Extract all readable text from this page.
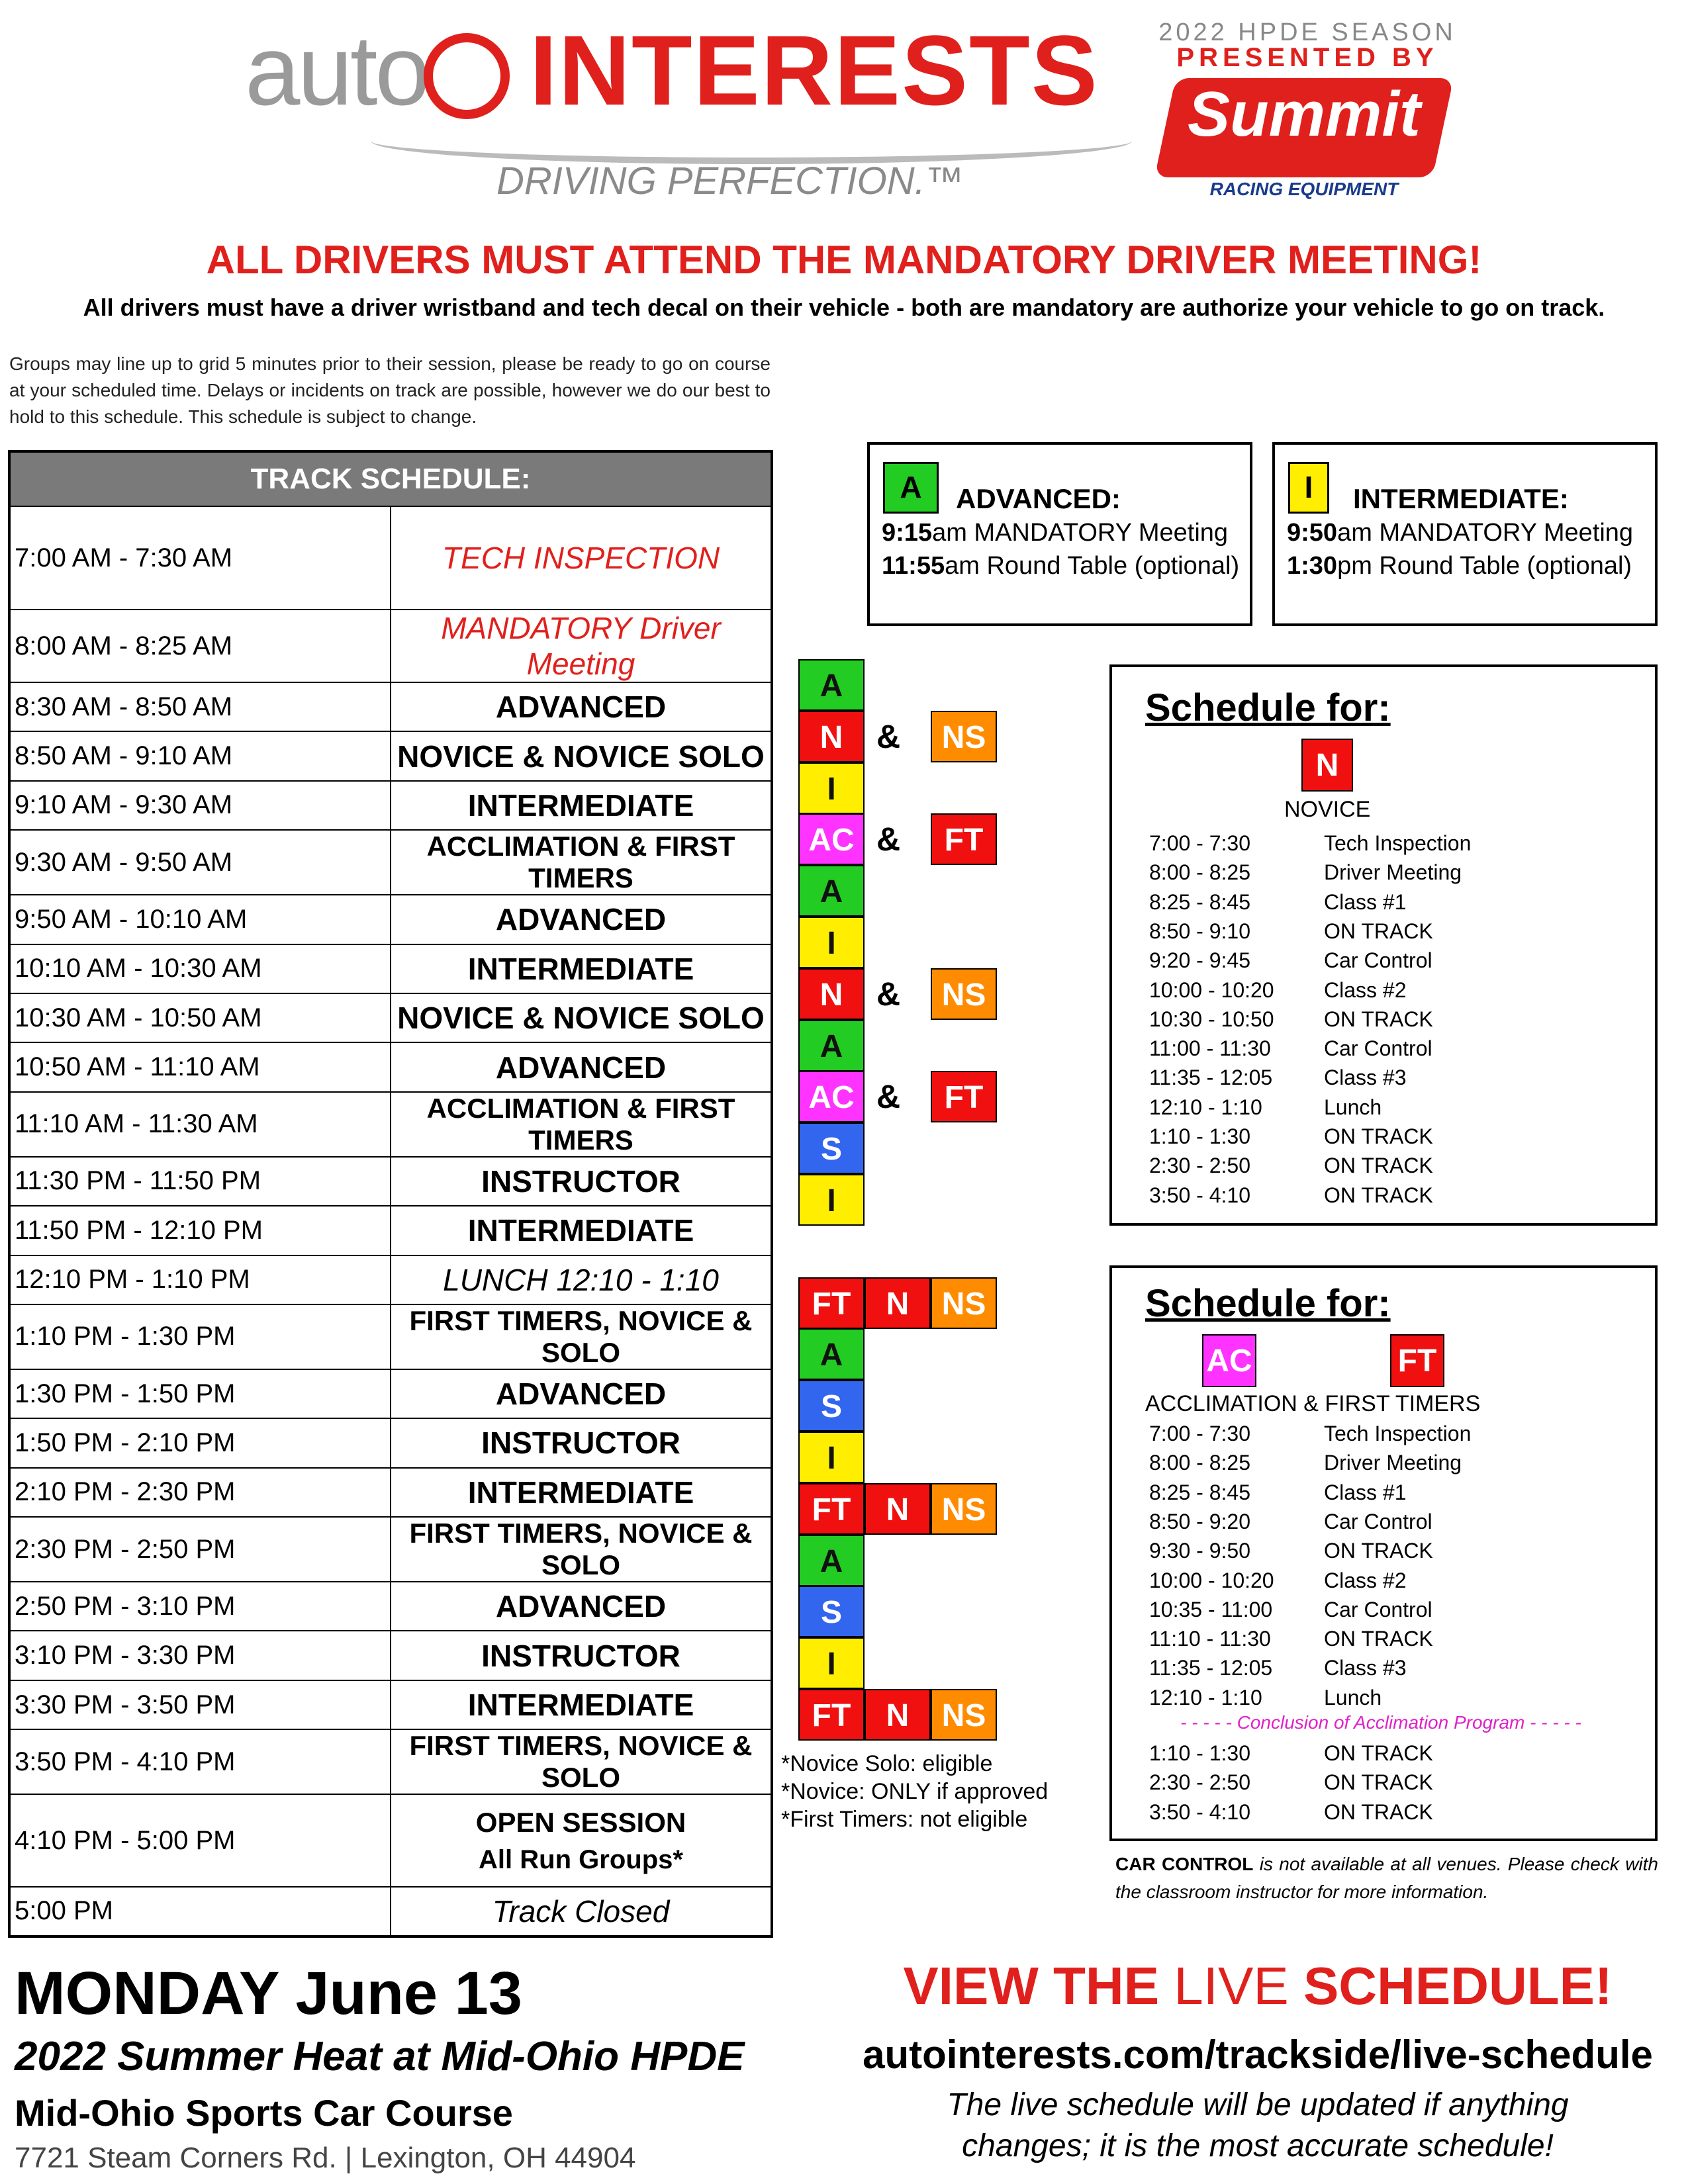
auto INTERESTS
DRIVING PERFECTION.™
2022 HPDE SEASON
PRESENTED BY
Summit
RACING EQUIPMENT
ALL DRIVERS MUST ATTEND THE MANDATORY DRIVER MEETING!
All drivers must have a driver wristband and tech decal on their vehicle - both are mandatory are authorize your vehicle to go on track.
Groups may line up to grid 5 minutes prior to their session, please be ready to go on course at your scheduled time. Delays or incidents on track are possible, however we do our best to hold to this schedule. This schedule is subject to change.
TRACK SCHEDULE:	
7:00 AM - 7:30 AM	TECH INSPECTION
8:00 AM - 8:25 AM	MANDATORY Driver Meeting
8:30 AM - 8:50 AM	ADVANCED
8:50 AM - 9:10 AM	NOVICE & NOVICE SOLO
9:10 AM - 9:30 AM	INTERMEDIATE
9:30 AM - 9:50 AM	ACCLIMATION & FIRST TIMERS
9:50 AM - 10:10 AM	ADVANCED
10:10 AM - 10:30 AM	INTERMEDIATE
10:30 AM - 10:50 AM	NOVICE & NOVICE SOLO
10:50 AM - 11:10 AM	ADVANCED
11:10 AM - 11:30 AM	ACCLIMATION & FIRST TIMERS
11:30 PM - 11:50 PM	INSTRUCTOR
11:50 PM - 12:10 PM	INTERMEDIATE
12:10 PM - 1:10 PM	LUNCH 12:10 - 1:10
1:10 PM - 1:30 PM	FIRST TIMERS, NOVICE & SOLO
1:30 PM - 1:50 PM	ADVANCED
1:50 PM - 2:10 PM	INSTRUCTOR
2:10 PM - 2:30 PM	INTERMEDIATE
2:30 PM - 2:50 PM	FIRST TIMERS, NOVICE & SOLO
2:50 PM - 3:10 PM	ADVANCED
3:10 PM - 3:30 PM	INSTRUCTOR
3:30 PM - 3:50 PM	INTERMEDIATE
3:50 PM - 4:10 PM	FIRST TIMERS, NOVICE & SOLO
4:10 PM - 5:00 PM	OPEN SESSION
All Run Groups*

5:00 PM	Track Closed
A
N	&	NS
I
AC &	FT
A
I
N	&	NS
A
AC &	FT
S
I
FT	N	NS
A
S
I
FT	N	NS
A
S
I
FT	N	NS
*Novice Solo: eligible
*Novice: ONLY if approved
*First Timers: not eligible
A	ADVANCED:
9:15am MANDATORY Meeting
11:55am Round Table (optional)
I	INTERMEDIATE:
9:50am MANDATORY Meeting
1:30pm Round Table (optional)
Schedule for:
N
NOVICE
7:00 - 7:30	Tech Inspection
8:00 - 8:25	Driver Meeting
8:25 - 8:45	Class #1
8:50 - 9:10	ON TRACK
9:20 - 9:45	Car Control
10:00 - 10:20 Class #2
10:30 - 10:50 ON TRACK
11:00 - 11:30	Car Control
11:35 - 12:05 Class #3
12:10 - 1:10	Lunch
1:10 - 1:30	ON TRACK
2:30 - 2:50	ON TRACK
3:50 - 4:10	ON TRACK
Schedule for:
AC	FT
ACCLIMATION & FIRST TIMERS
7:00 - 7:30	Tech Inspection
8:00 - 8:25	Driver Meeting
8:25 - 8:45	Class #1
8:50 - 9:20	Car Control
9:30 - 9:50	ON TRACK
10:00 - 10:20 Class #2
10:35 - 11:00 Car Control
11:10 - 11:30	ON TRACK
11:35 - 12:05 Class #3
12:10 - 1:10	Lunch
- - - - - Conclusion of Acclimation Program - - - - -
1:10 - 1:30	ON TRACK
2:30 - 2:50	ON TRACK
3:50 - 4:10	ON TRACK
CAR CONTROL is not available at all venues. Please check with the classroom instructor for more information.
MONDAY June 13
2022 Summer Heat at Mid-Ohio HPDE
Mid-Ohio Sports Car Course
7721 Steam Corners Rd. | Lexington, OH 44904
VIEW THE LIVE SCHEDULE!
autointerests.com/trackside/live-schedule
The live schedule will be updated if anything
changes; it is the most accurate schedule!
